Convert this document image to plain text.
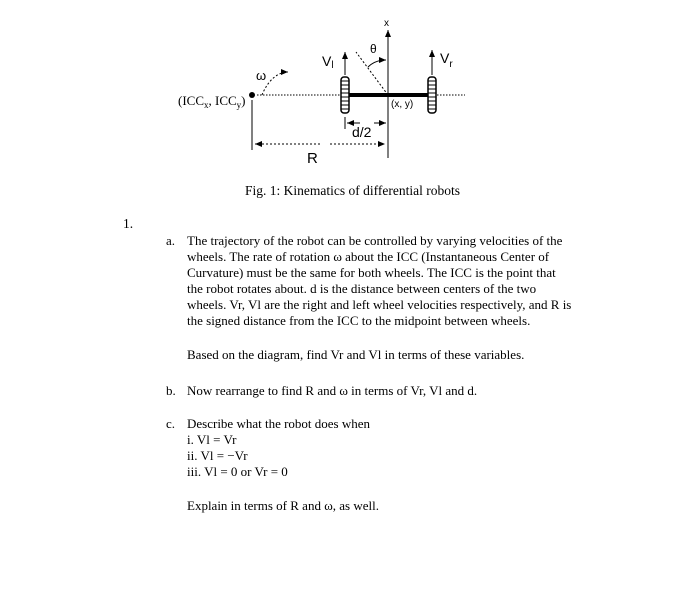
ω
($ICC_x$, $ICC_y$)
x
θ
Vl	$V_r$
(x, y)
d/2
R
Fig. 1: Kinematics of differential robots
1.
a. The trajectory of the robot can be controlled by varying velocities of the

wheels. The rate of rotation ω about the ICC (Instantaneous Center of

Curvature) must be the same for both wheels. The ICC is the point that

the robot rotates about. d is the distance between centers of the two

wheels. Vr, Vl are the right and left wheel velocities respectively, and R is

the signed distance from the ICC to the midpoint between wheels.

Based on the diagram, find Vr and Vl in terms of these variables.

b. Now rearrange to find R and ω in terms of Vr, Vl and d.

c. Describe what the robot does when

i. Vl = Vr

ii. Vl = −Vr

iii. Vl = 0 or Vr = 0

Explain in terms of R and ω, as well.
